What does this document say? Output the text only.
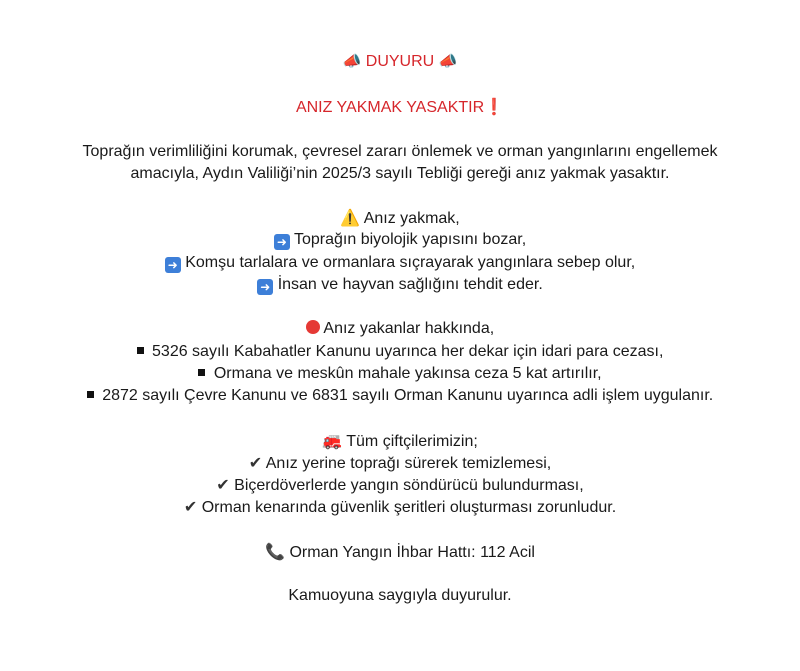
📣 DUYURU 📣
ANIZ YAKMAK YASAKTIR❗
Toprağın verimliliğini korumak, çevresel zararı önlemek ve orman yangınlarını engellemek
amacıyla, Aydın Valiliği’nin 2025/3 sayılı Tebliği gereği anız yakmak yasaktır.
⚠️ Anız yakmak,
➜ Toprağın biyolojik yapısını bozar,
➜ Komşu tarlalara ve ormanlara sıçrayarak yangınlara sebep olur,
➜ İnsan ve hayvan sağlığını tehdit eder.
Anız yakanlar hakkında,
5326 sayılı Kabahatler Kanunu uyarınca her dekar için idari para cezası,
Ormana ve meskûn mahale yakınsa ceza 5 kat artırılır,
2872 sayılı Çevre Kanunu ve 6831 sayılı Orman Kanunu uyarınca adli işlem uygulanır.
🚒 Tüm çiftçilerimizin;
✔ Anız yerine toprağı sürerek temizlemesi,
✔ Biçerdöverlerde yangın söndürücü bulundurması,
✔ Orman kenarında güvenlik şeritleri oluşturması zorunludur.
📞 Orman Yangın İhbar Hattı: 112 Acil
Kamuoyuna saygıyla duyurulur.
